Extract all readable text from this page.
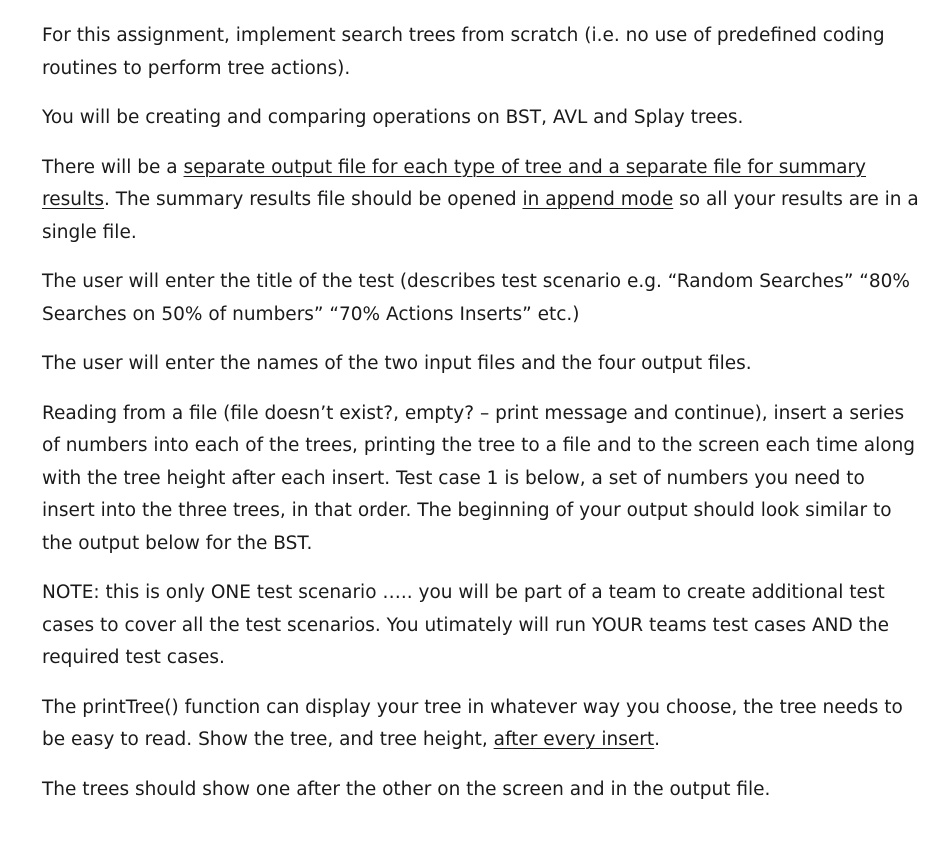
For this assignment, implement search trees from scratch (i.e. no use of predefined coding routines to perform tree actions).

You will be creating and comparing operations on BST, AVL and Splay trees.

There will be a separate output file for each type of tree and a separate file for summary results. The summary results file should be opened in append mode so all your results are in a single file.

The user will enter the title of the test (describes test scenario e.g. “Random Searches” “80% Searches on 50% of numbers” “70% Actions Inserts” etc.)

The user will enter the names of the two input files and the four output files.

Reading from a file (file doesn’t exist?, empty? – print message and continue), insert a series of numbers into each of the trees, printing the tree to a file and to the screen each time along with the tree height after each insert. Test case 1 is below, a set of numbers you need to insert into the three trees, in that order. The beginning of your output should look similar to the output below for the BST.

NOTE: this is only ONE test scenario ….. you will be part of a team to create additional test cases to cover all the test scenarios. You utimately will run YOUR teams test cases AND the required test cases.

The printTree() function can display your tree in whatever way you choose, the tree needs to be easy to read. Show the tree, and tree height, after every insert.

The trees should show one after the other on the screen and in the output file.
